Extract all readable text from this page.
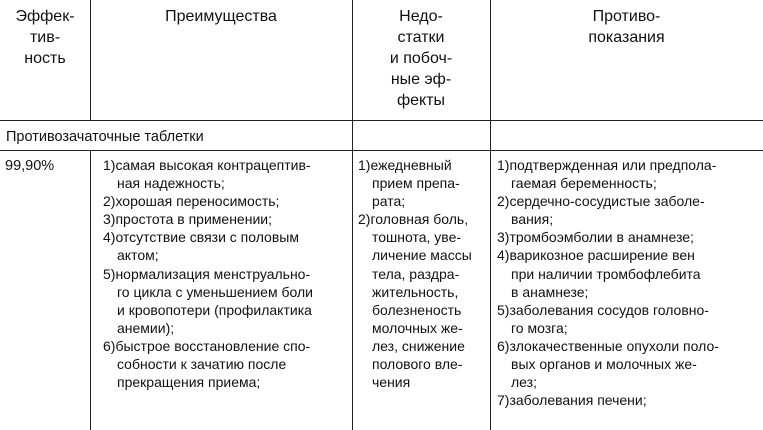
Эффек-
тив-
ность
Преимущества	Недо-
статки
и побоч-
ные эф-
фекты
Противо-
показания
Противозачаточные таблетки
99,90%	1)самая высокая контрацептив-
ная надежность;
2)хорошая переносимость;
3)простота в применении;
4)отсутствие связи с половым
актом;
5)нормализация менструально-
го цикла с уменьшением боли
и кровопотери (профилактика
анемии);
6)быстрое восстановление спо-
собности к зачатию после
прекращения приема;
1)ежедневный
прием препа-
рата;
2)головная боль,
тошнота, уве-
личение массы
тела, раздра-
жительность,
болезненость
молочных же-
лез, снижение
полового вле-
чения
1)подтвержденная или предпола-
гаемая беременность;
2)сердечно-сосудистые заболе-
вания;
3)тромбоэмболии в анамнезе;
4)варикозное расширение вен
при наличии тромбофлебита
в анамнезе;
5)заболевания сосудов головно-
го мозга;
6)злокачественные опухоли поло-
вых органов и молочных же-
лез;
7)заболевания печени;
